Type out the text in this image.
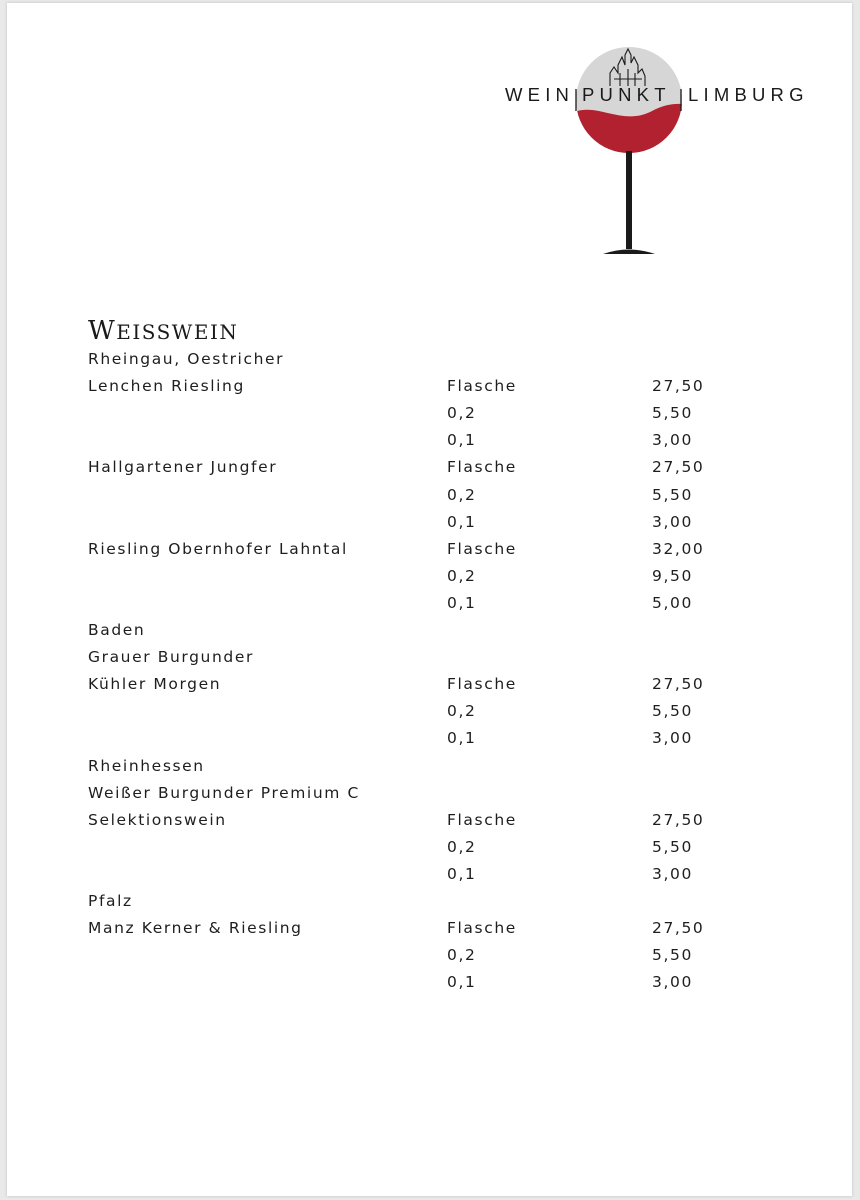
WEIN PUNKT LIMBURG
WEISSWEIN
Rheingau, Oestricher
Lenchen Riesling	Flasche	27,50
0,2	5,50
0,1	3,00
Hallgartener Jungfer	Flasche	27,50
0,2	5,50
0,1	3,00
Riesling Obernhofer Lahntal	Flasche	32,00
0,2	9,50
0,1	5,00
Baden
Grauer Burgunder
Kühler Morgen	Flasche	27,50
0,2	5,50
0,1	3,00
Rheinhessen
Weißer Burgunder Premium C
Selektionswein	Flasche	27,50
0,2	5,50
0,1	3,00
Pfalz
Manz Kerner & Riesling	Flasche	27,50
0,2	5,50
0,1	3,00
